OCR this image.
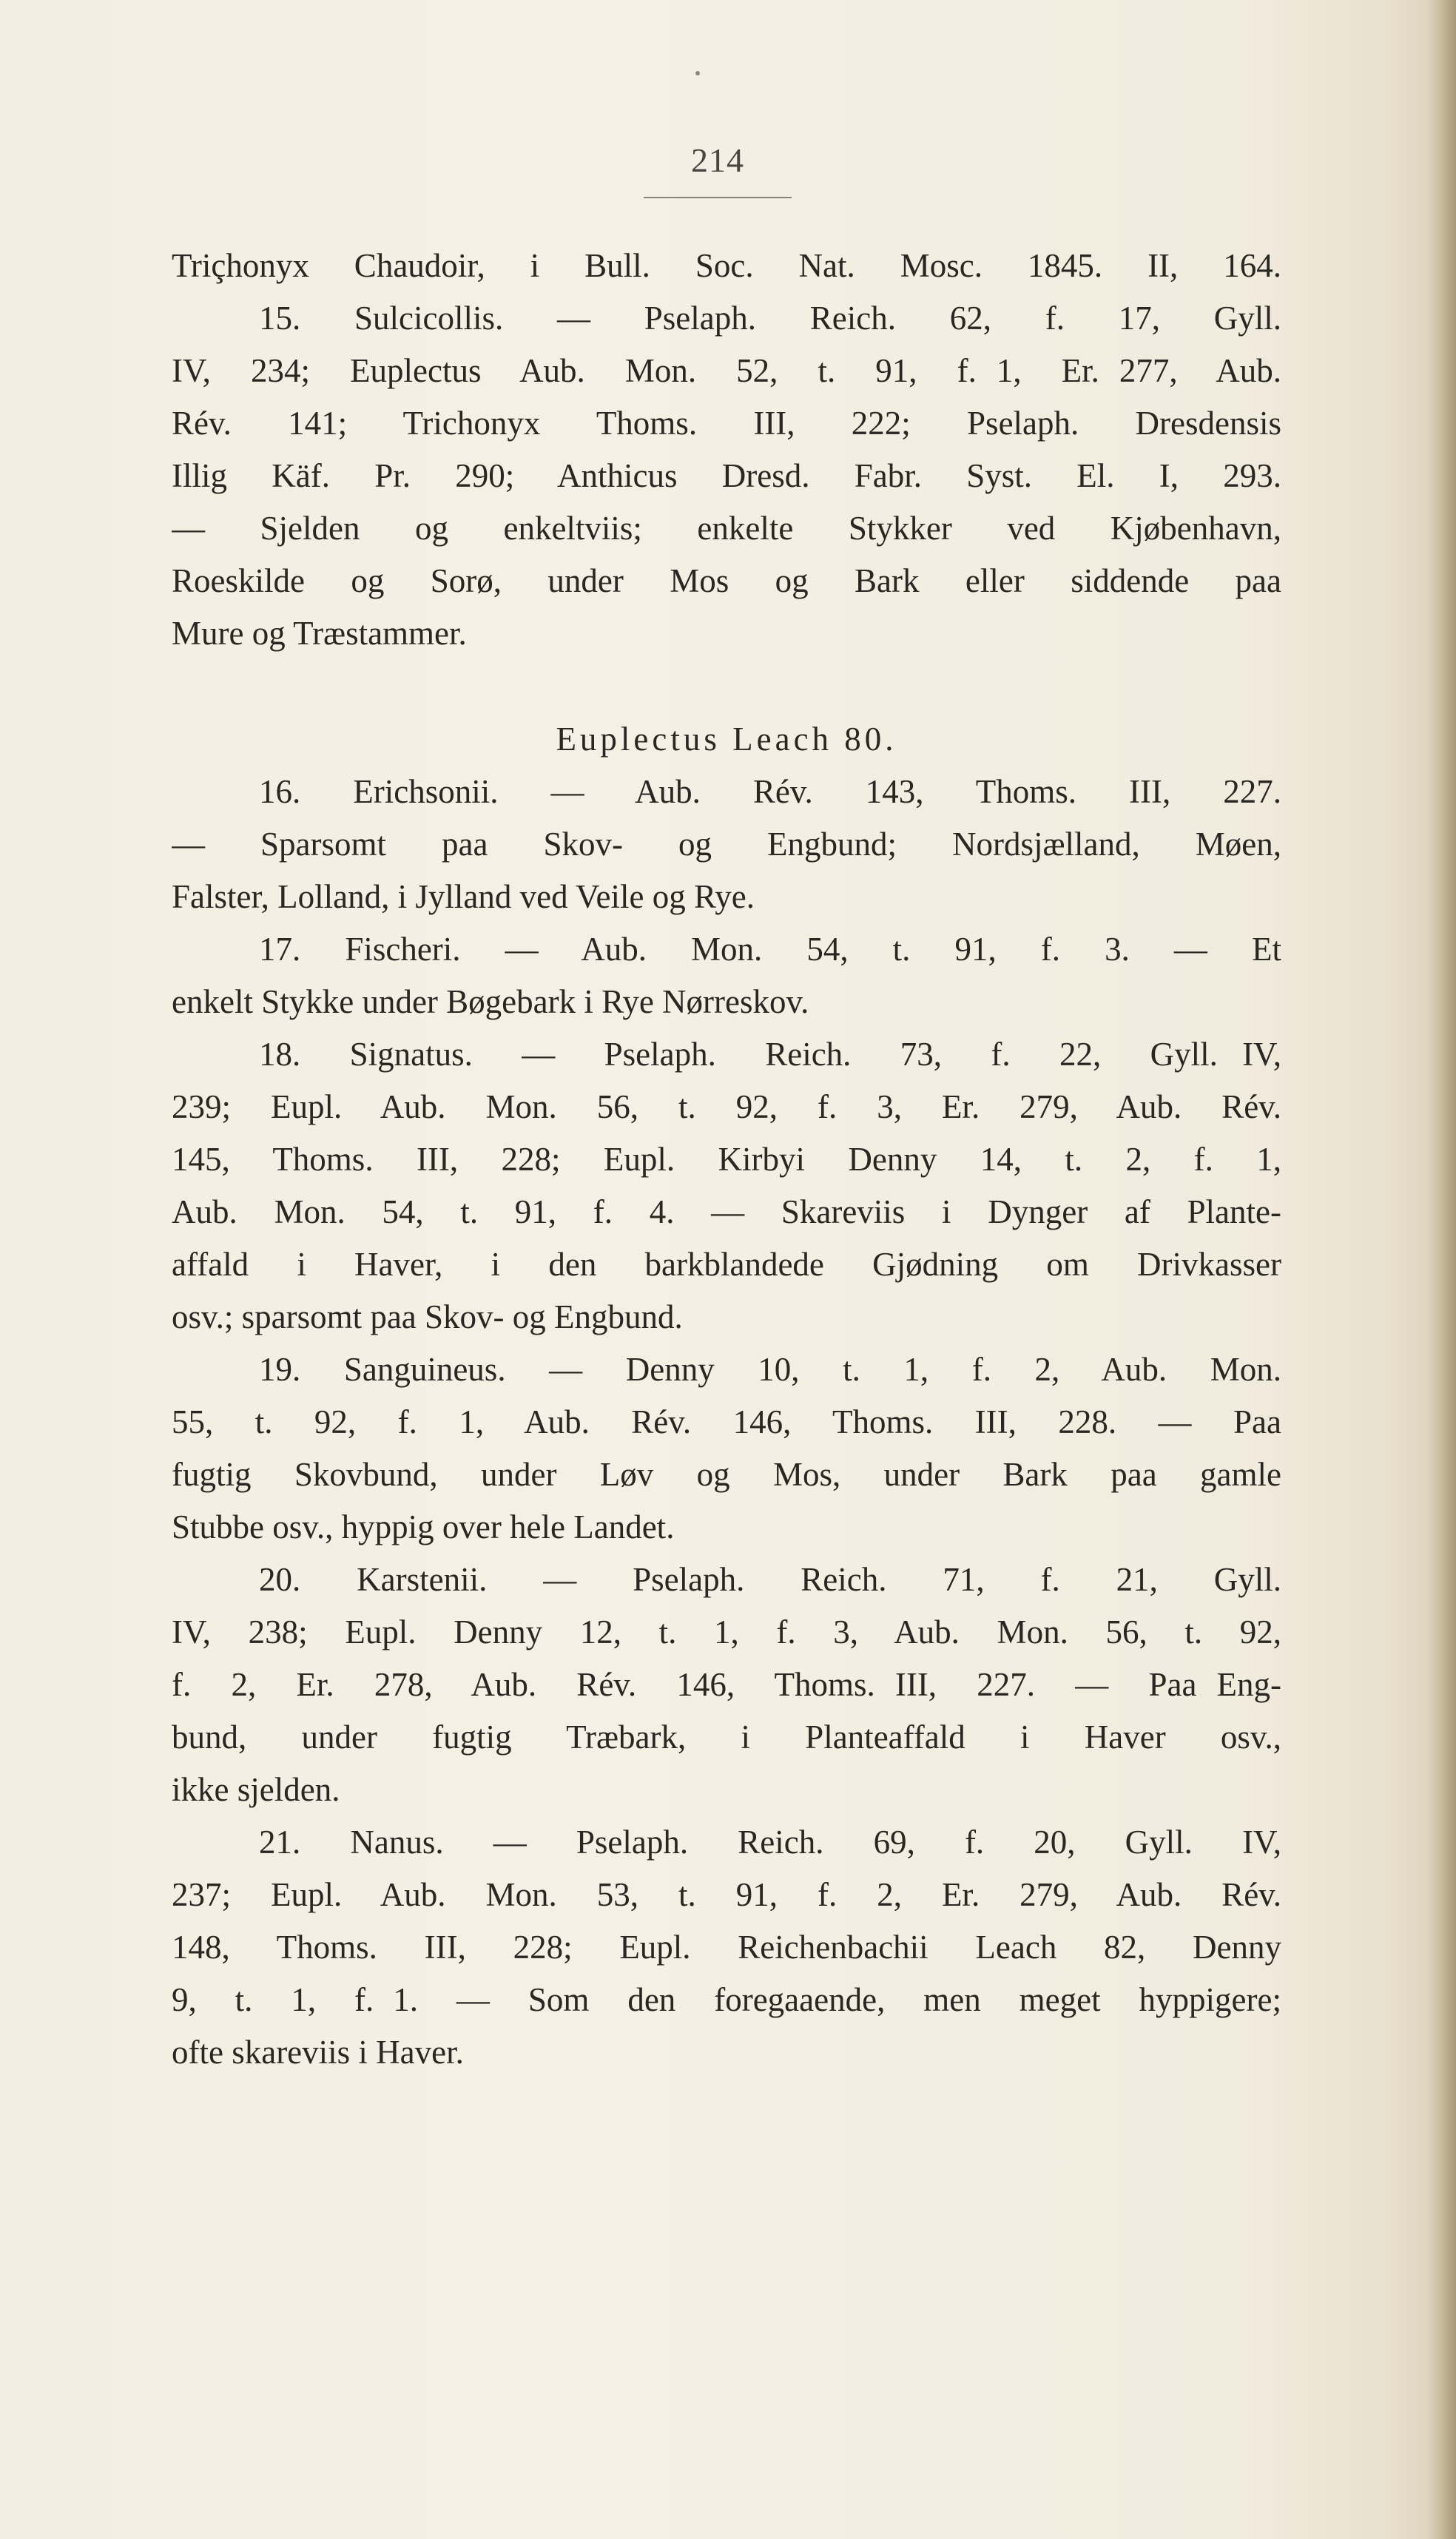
214
Triçhonyx Chaudoir, i Bull. Soc. Nat. Mosc. 1845. II, 164.
15.  Sulcicollis.  —  Pselaph.  Reich.  62,  f.  17,  Gyll.
IV,  234;  Euplectus  Aub.  Mon.  52,  t.  91,  f. 1,  Er. 277,  Aub.
Rév.  141;  Trichonyx  Thoms.  III,  222;  Pselaph.  Dresdensis
Illig  Käf.  Pr.  290;  Anthicus  Dresd.  Fabr.  Syst.  El.  I,  293.
—  Sjelden  og  enkeltviis;  enkelte  Stykker  ved  Kjøbenhavn,
Roeskilde  og  Sorø,  under  Mos  og  Bark  eller  siddende  paa
Mure og Træstammer.
Euplectus Leach 80.
16.  Erichsonii.  —  Aub.  Rév.  143,  Thoms.  III,  227.
—  Sparsomt  paa  Skov-  og  Engbund;  Nordsjælland,  Møen,
Falster, Lolland, i Jylland ved Veile og Rye.
17.  Fischeri.  —  Aub.  Mon.  54,  t.  91,  f.  3.  —  Et
enkelt Stykke under Bøgebark i Rye Nørreskov.
18.  Signatus.  —  Pselaph.  Reich.  73,  f.  22,  Gyll. IV,
239;  Eupl.  Aub.  Mon.  56,  t.  92,  f.  3,  Er.  279,  Aub.  Rév.
145,  Thoms.  III,  228;  Eupl.  Kirbyi  Denny  14,  t.  2,  f.  1,
Aub.  Mon.  54,  t.  91,  f.  4.  —  Skareviis  i  Dynger  af  Plante-
affald  i  Haver,  i  den  barkblandede  Gjødning  om  Drivkasser
osv.; sparsomt paa Skov- og Engbund.
19.  Sanguineus.  —  Denny  10,  t.  1,  f.  2,  Aub.  Mon.
55,  t.  92,  f.  1,  Aub.  Rév.  146,  Thoms.  III,  228.  —  Paa
fugtig  Skovbund,  under  Løv  og  Mos,  under  Bark  paa  gamle
Stubbe osv., hyppig over hele Landet.
20.  Karstenii.  —  Pselaph.  Reich.  71,  f.  21,  Gyll.
IV,  238;  Eupl.  Denny  12,  t.  1,  f.  3,  Aub.  Mon.  56,  t.  92,
f.  2,  Er.  278,  Aub.  Rév.  146,  Thoms. III,  227.  —  Paa Eng-
bund,  under  fugtig  Træbark,  i  Planteaffald  i  Haver  osv.,
ikke sjelden.
21.  Nanus.  —  Pselaph.  Reich.  69,  f.  20,  Gyll.  IV,
237;  Eupl.  Aub.  Mon.  53,  t.  91,  f.  2,  Er.  279,  Aub.  Rév.
148,  Thoms.  III,  228;  Eupl.  Reichenbachii  Leach  82,  Denny
9,  t.  1,  f. 1.  —  Som  den  foregaaende,  men  meget  hyppigere;
ofte skareviis i Haver.
